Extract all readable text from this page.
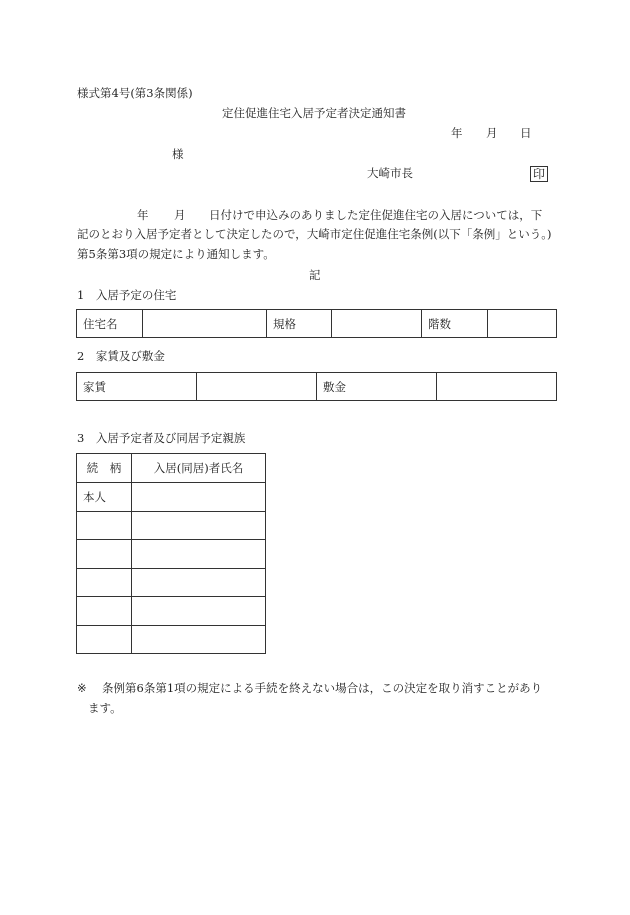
様式第4号(第3条関係)
定住促進住宅入居予定者決定通知書
年 月 日
様
大崎市長	印
年 月 日付けで申込みのありました定住促進住宅の入居については，下
記のとおり入居予定者として決定したので，大崎市定住促進住宅条例(以下「条例」という。)
第5条第3項の規定により通知します。
記
1　入居予定の住宅
住宅名		規格		階数	
2　家賃及び敷金
家賃		敷金	
3　入居予定者及び同居予定親族
続　柄	入居(同居)者氏名
本人	

※ 条例第6条第1項の規定による手続を終えない場合は，この決定を取り消すことがあり
ます。
